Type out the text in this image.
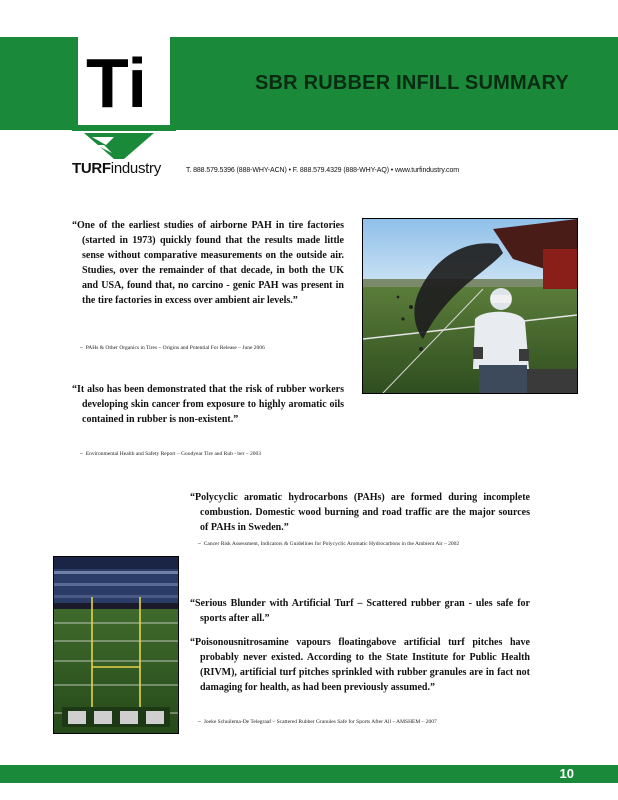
SBR RUBBER INFILL SUMMARY
Ti
TM
TURFindustry	T. 888.579.5396 (888-WHY-ACN) • F. 888.579.4329 (888-WHY-AQ) • www.turfindustry.com
“One of the earliest studies of airborne PAH in tire factories (started in 1973) quickly found that the results made little sense without comparative measurements on the outside air. Studies, over the remainder of that decade, in both the UK and USA, found that, no carcino - genic PAH was present in the tire factories in excess over ambient air levels.”
– PAHs & Other Organics in Tires – Origins and Potential For Release – June 2006
“It also has been demonstrated that the risk of rubber workers developing skin cancer from exposure to highly aromatic oils contained in rubber is non-existent.”
– Environmental Health and Safety Report – Goodyear Tire and Rub - ber – 2003
“Polycyclic aromatic hydrocarbons (PAHs) are formed during incomplete combustion. Domestic wood burning and road traffic are the major sources of PAHs in Sweden.”
– Cancer Risk Assessment, Indicators & Guidelines for Polycyclic Aromatic Hydrocarbons in the Ambient Air – 2002
“Serious Blunder with Artificial Turf – Scattered rubber gran - ules safe for sports after all.”
“Poisonousnitrosamine vapours floatingabove artificial turf pitches have probably never existed. According to the State Institute for Public Health (RIVM), artificial turf pitches sprinkled with rubber granules are in fact not damaging for health, as had been previously assumed.”
– Joeke Schuilema-De Telegraaf – Scattered Rubber Granules Safe for Sports After All – AMSHEM – 2007
10
